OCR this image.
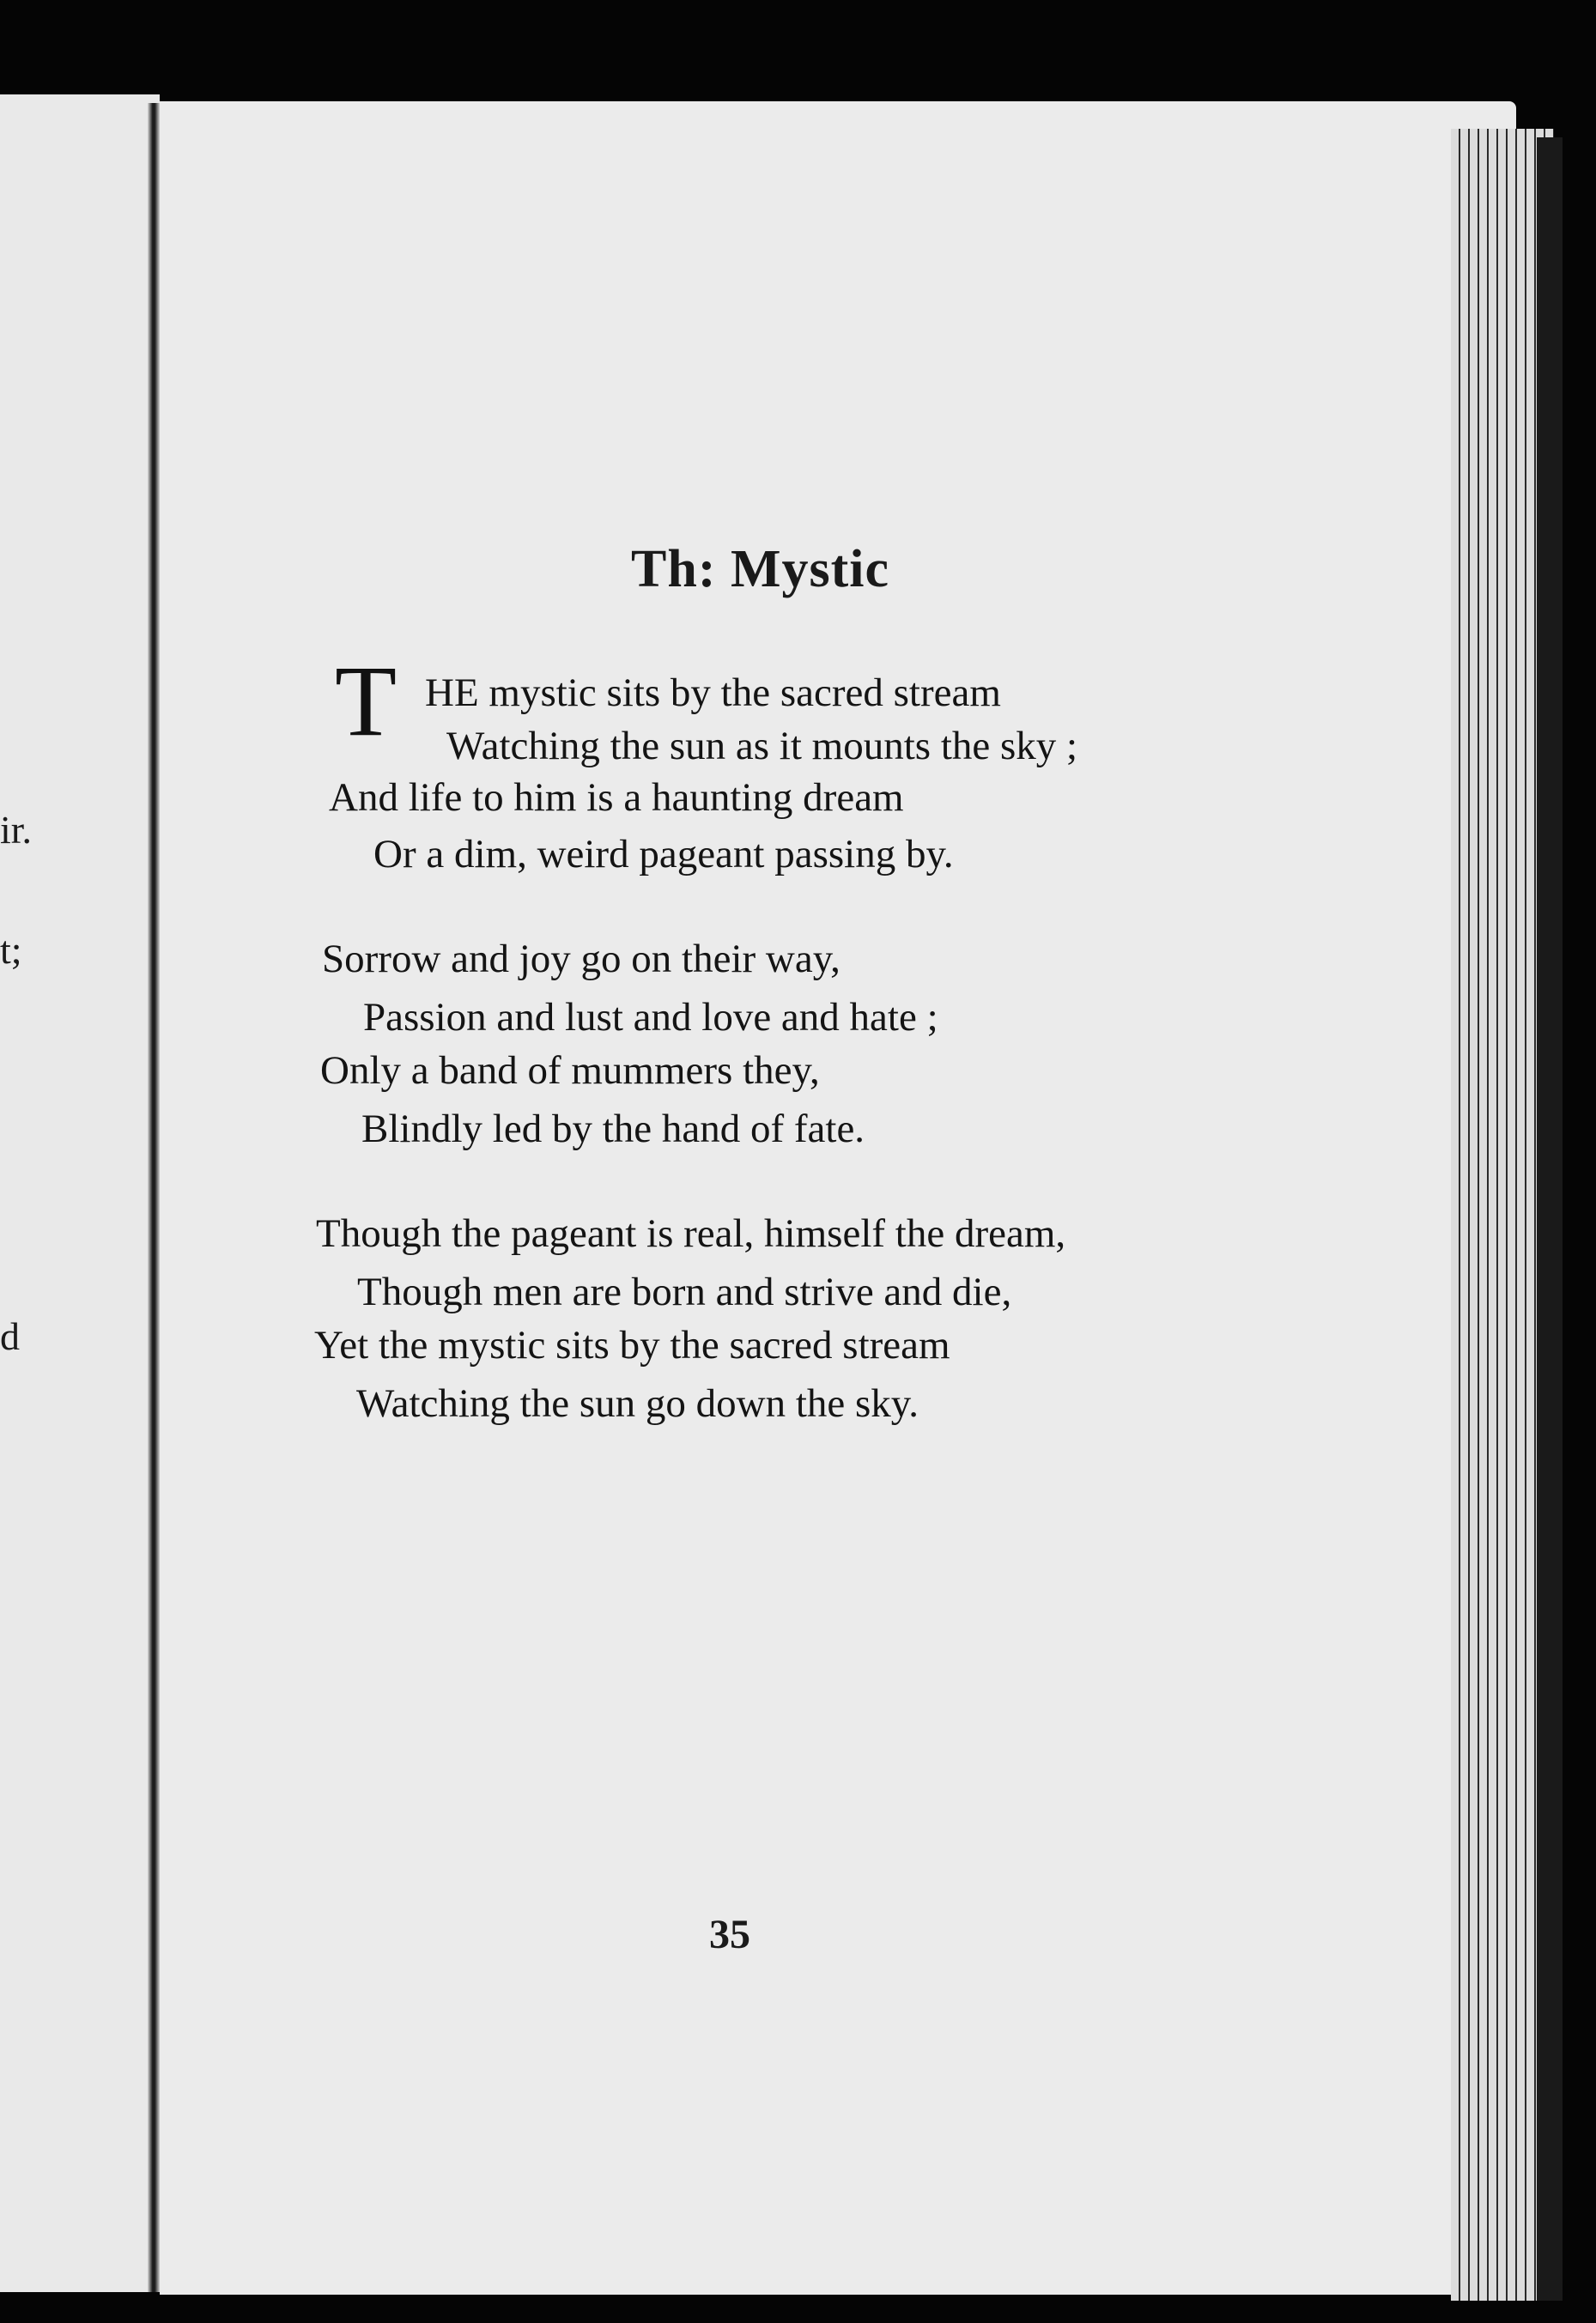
ir.
t;
d
Th: Mystic
T HE mystic sits by the sacred stream

Watching the sun as it mounts the sky ;

And life to him is a haunting dream

Or a dim, weird pageant passing by.

Sorrow and joy go on their way,

Passion and lust and love and hate ;

Only a band of mummers they,

Blindly led by the hand of fate.

Though the pageant is real, himself the dream,

Though men are born and strive and die,

Yet the mystic sits by the sacred stream

Watching the sun go down the sky.

35
